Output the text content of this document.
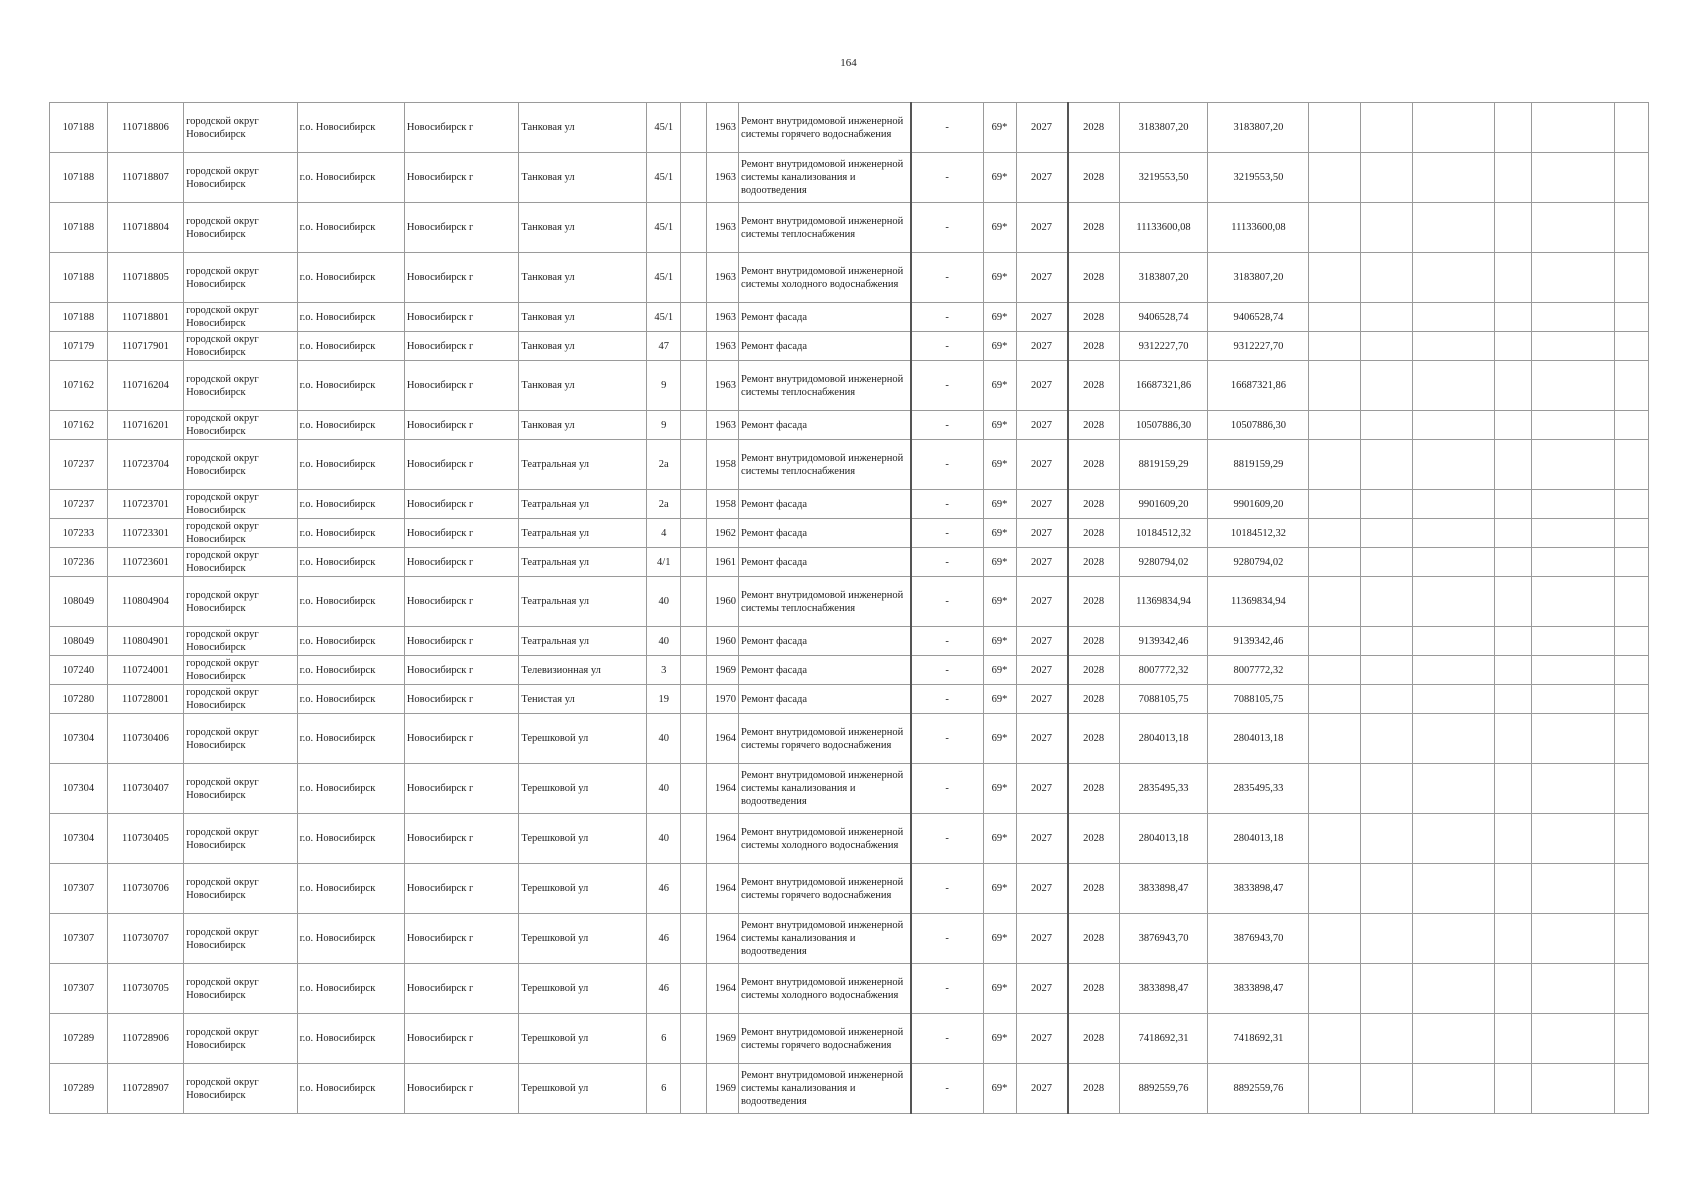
164
107188	110718806	городской округ Новосибирск	г.о. Новосибирск	Новосибирск г	Танковая ул	45/1		1963	Ремонт внутридомовой инженерной системы горячего водоснабжения	-	69*	2027	2028	3183807,20	3183807,20						
107188	110718807	городской округ Новосибирск	г.о. Новосибирск	Новосибирск г	Танковая ул	45/1		1963	Ремонт внутридомовой инженерной системы канализования и водоотведения	-	69*	2027	2028	3219553,50	3219553,50						
107188	110718804	городской округ Новосибирск	г.о. Новосибирск	Новосибирск г	Танковая ул	45/1		1963	Ремонт внутридомовой инженерной системы теплоснабжения	-	69*	2027	2028	11133600,08	11133600,08						
107188	110718805	городской округ Новосибирск	г.о. Новосибирск	Новосибирск г	Танковая ул	45/1		1963	Ремонт внутридомовой инженерной системы холодного водоснабжения	-	69*	2027	2028	3183807,20	3183807,20						
107188	110718801	городской округ Новосибирск	г.о. Новосибирск	Новосибирск г	Танковая ул	45/1		1963	Ремонт фасада	-	69*	2027	2028	9406528,74	9406528,74						
107179	110717901	городской округ Новосибирск	г.о. Новосибирск	Новосибирск г	Танковая ул	47		1963	Ремонт фасада	-	69*	2027	2028	9312227,70	9312227,70						
107162	110716204	городской округ Новосибирск	г.о. Новосибирск	Новосибирск г	Танковая ул	9		1963	Ремонт внутридомовой инженерной системы теплоснабжения	-	69*	2027	2028	16687321,86	16687321,86						
107162	110716201	городской округ Новосибирск	г.о. Новосибирск	Новосибирск г	Танковая ул	9		1963	Ремонт фасада	-	69*	2027	2028	10507886,30	10507886,30						
107237	110723704	городской округ Новосибирск	г.о. Новосибирск	Новосибирск г	Театральная ул	2а		1958	Ремонт внутридомовой инженерной системы теплоснабжения	-	69*	2027	2028	8819159,29	8819159,29						
107237	110723701	городской округ Новосибирск	г.о. Новосибирск	Новосибирск г	Театральная ул	2а		1958	Ремонт фасада	-	69*	2027	2028	9901609,20	9901609,20						
107233	110723301	городской округ Новосибирск	г.о. Новосибирск	Новосибирск г	Театральная ул	4		1962	Ремонт фасада	-	69*	2027	2028	10184512,32	10184512,32						
107236	110723601	городской округ Новосибирск	г.о. Новосибирск	Новосибирск г	Театральная ул	4/1		1961	Ремонт фасада	-	69*	2027	2028	9280794,02	9280794,02						
108049	110804904	городской округ Новосибирск	г.о. Новосибирск	Новосибирск г	Театральная ул	40		1960	Ремонт внутридомовой инженерной системы теплоснабжения	-	69*	2027	2028	11369834,94	11369834,94						
108049	110804901	городской округ Новосибирск	г.о. Новосибирск	Новосибирск г	Театральная ул	40		1960	Ремонт фасада	-	69*	2027	2028	9139342,46	9139342,46						
107240	110724001	городской округ Новосибирск	г.о. Новосибирск	Новосибирск г	Телевизионная ул	3		1969	Ремонт фасада	-	69*	2027	2028	8007772,32	8007772,32						
107280	110728001	городской округ Новосибирск	г.о. Новосибирск	Новосибирск г	Тенистая ул	19		1970	Ремонт фасада	-	69*	2027	2028	7088105,75	7088105,75						
107304	110730406	городской округ Новосибирск	г.о. Новосибирск	Новосибирск г	Терешковой ул	40		1964	Ремонт внутридомовой инженерной системы горячего водоснабжения	-	69*	2027	2028	2804013,18	2804013,18						
107304	110730407	городской округ Новосибирск	г.о. Новосибирск	Новосибирск г	Терешковой ул	40		1964	Ремонт внутридомовой инженерной системы канализования и водоотведения	-	69*	2027	2028	2835495,33	2835495,33						
107304	110730405	городской округ Новосибирск	г.о. Новосибирск	Новосибирск г	Терешковой ул	40		1964	Ремонт внутридомовой инженерной системы холодного водоснабжения	-	69*	2027	2028	2804013,18	2804013,18						
107307	110730706	городской округ Новосибирск	г.о. Новосибирск	Новосибирск г	Терешковой ул	46		1964	Ремонт внутридомовой инженерной системы горячего водоснабжения	-	69*	2027	2028	3833898,47	3833898,47						
107307	110730707	городской округ Новосибирск	г.о. Новосибирск	Новосибирск г	Терешковой ул	46		1964	Ремонт внутридомовой инженерной системы канализования и водоотведения	-	69*	2027	2028	3876943,70	3876943,70						
107307	110730705	городской округ Новосибирск	г.о. Новосибирск	Новосибирск г	Терешковой ул	46		1964	Ремонт внутридомовой инженерной системы холодного водоснабжения	-	69*	2027	2028	3833898,47	3833898,47						
107289	110728906	городской округ Новосибирск	г.о. Новосибирск	Новосибирск г	Терешковой ул	6		1969	Ремонт внутридомовой инженерной системы горячего водоснабжения	-	69*	2027	2028	7418692,31	7418692,31						
107289	110728907	городской округ Новосибирск	г.о. Новосибирск	Новосибирск г	Терешковой ул	6		1969	Ремонт внутридомовой инженерной системы канализования и водоотведения	-	69*	2027	2028	8892559,76	8892559,76						
